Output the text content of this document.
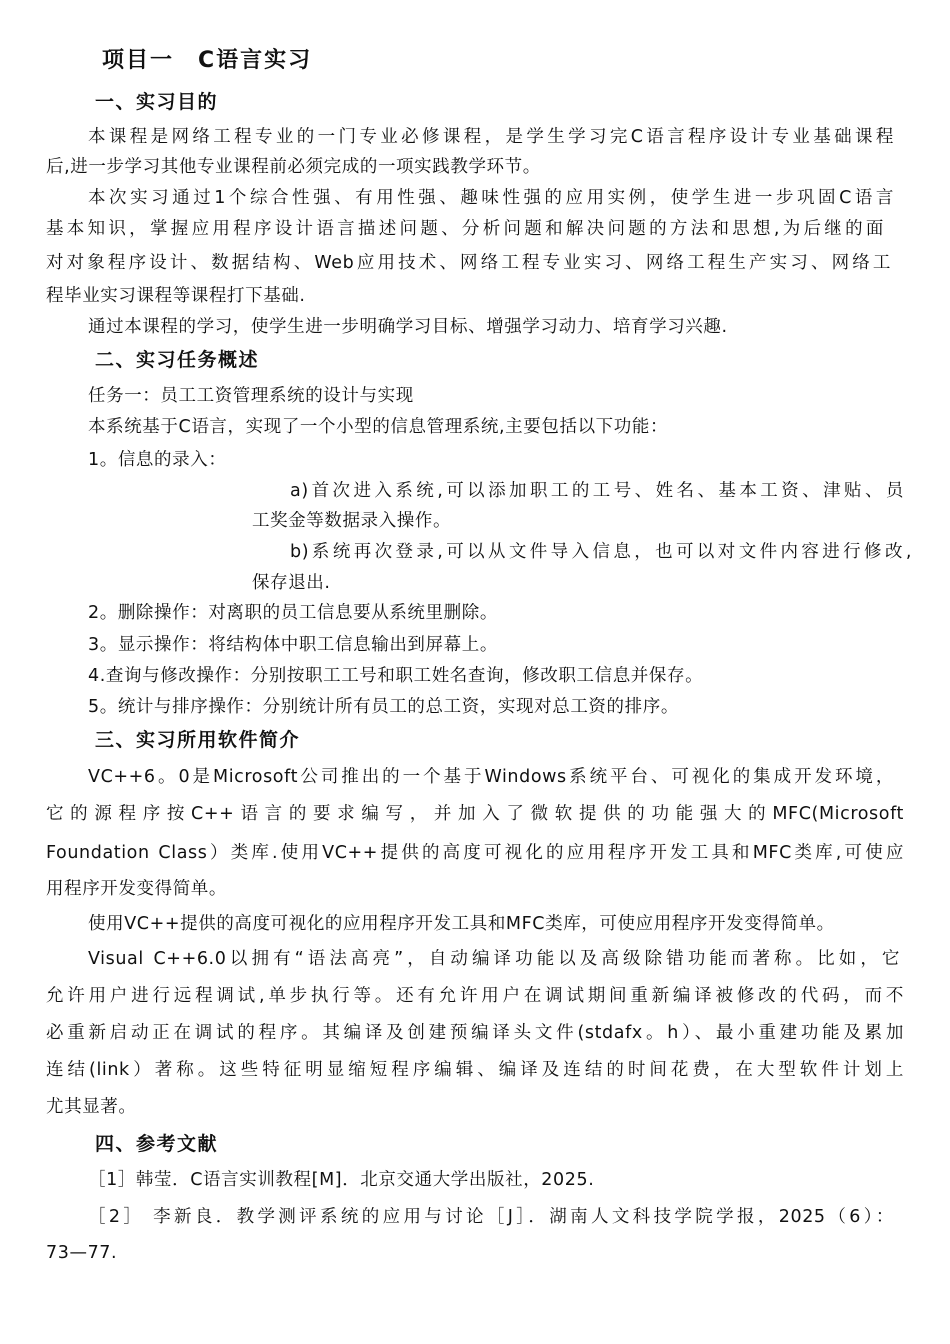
项目一　C语言实习
一、实习目的
本课程是网络工程专业的一门专业必修课程，是学生学习完C语言程序设计专业基础课程
后,进一步学习其他专业课程前必须完成的一项实践教学环节。
本次实习通过1个综合性强、有用性强、趣味性强的应用实例，使学生进一步巩固C语言
基本知识，掌握应用程序设计语言描述问题、分析问题和解决问题的方法和思想,为后继的面
对对象程序设计、数据结构、Web应用技术、网络工程专业实习、网络工程生产实习、网络工
程毕业实习课程等课程打下基础.
通过本课程的学习，使学生进一步明确学习目标、增强学习动力、培育学习兴趣.
二、实习任务概述
任务一：员工工资管理系统的设计与实现
本系统基于C语言，实现了一个小型的信息管理系统,主要包括以下功能：
1。信息的录入：
a)首次进入系统,可以添加职工的工号、姓名、基本工资、津贴、员
工奖金等数据录入操作。
b)系统再次登录,可以从文件导入信息，也可以对文件内容进行修改,
保存退出.
2。删除操作：对离职的员工信息要从系统里删除。
3。显示操作：将结构体中职工信息输出到屏幕上。
4.查询与修改操作：分别按职工工号和职工姓名查询，修改职工信息并保存。
5。统计与排序操作：分别统计所有员工的总工资，实现对总工资的排序。
三、实习所用软件简介
VC++6。0是Microsoft公司推出的一个基于Windows系统平台、可视化的集成开发环境，
它的源程序按C++语言的要求编写，并加入了微软提供的功能强大的MFC(Microsoft
Foundation Class）类库.使用VC++提供的高度可视化的应用程序开发工具和MFC类库,可使应
用程序开发变得简单。
使用VC++提供的高度可视化的应用程序开发工具和MFC类库，可使应用程序开发变得简单。
Visual C++6.0以拥有“语法高亮”，自动编译功能以及高级除错功能而著称。比如，它
允许用户进行远程调试,单步执行等。还有允许用户在调试期间重新编译被修改的代码，而不
必重新启动正在调试的程序。其编译及创建预编译头文件(stdafx。h）、最小重建功能及累加
连结(link）著称。这些特征明显缩短程序编辑、编译及连结的时间花费，在大型软件计划上
尤其显著。
四、参考文献
［1］韩莹．C语言实训教程[M]．北京交通大学出版社，2025.
［2］ 李新良．教学测评系统的应用与讨论［J］．湖南人文科技学院学报，2025（6）：
73—77.
